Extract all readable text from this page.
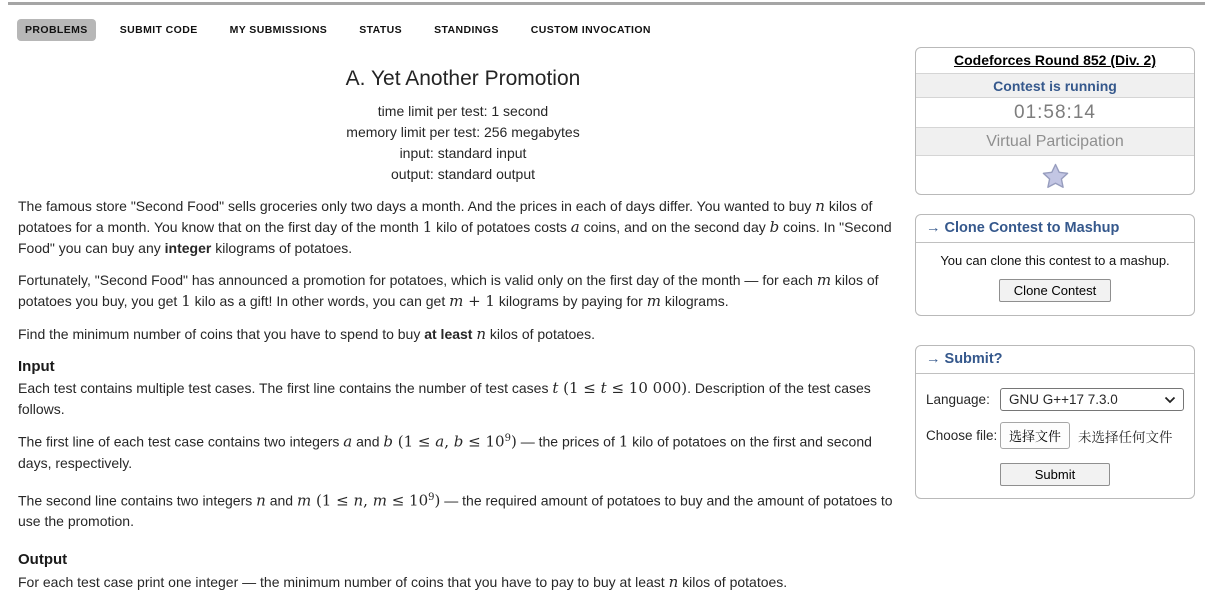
PROBLEMS	SUBMIT CODE	MY SUBMISSIONS	STATUS	STANDINGS	CUSTOM INVOCATION
A. Yet Another Promotion
time limit per test: 1 second
memory limit per test: 256 megabytes
input: standard input
output: standard output

The famous store "Second Food" sells groceries only two days a month. And the prices in each of days differ. You wanted to buy n kilos of potatoes for a month. You know that on the first day of the month 1 kilo of potatoes costs a coins, and on the second day b coins. In "Second Food" you can buy any integer kilograms of potatoes.

Fortunately, "Second Food" has announced a promotion for potatoes, which is valid only on the first day of the month — for each m kilos of potatoes you buy, you get 1 kilo as a gift! In other words, you can get m + 1 kilograms by paying for m kilograms.

Find the minimum number of coins that you have to spend to buy at least n kilos of potatoes.

Input

Each test contains multiple test cases. The first line contains the number of test cases t (1 ≤ t ≤ 10 000). Description of the test cases follows.

The first line of each test case contains two integers a and b (1 ≤ a, $b \le 10^9$) — the prices of 1 kilo of potatoes on the first and second days, respectively.

The second line contains two integers n and m (1 ≤ n, $m \le 10^9$) — the required amount of potatoes to buy and the amount of potatoes to use the promotion.

Output

For each test case print one integer — the minimum number of coins that you have to pay to buy at least n kilos of potatoes.

Codeforces Round 852 (Div. 2)
Contest is running
01:58:14
Virtual Participation
→ Clone Contest to Mashup
You can clone this contest to a mashup.
Clone Contest
→ Submit?
Language:	GNU G++17 7.3.0
Choose file: 选择文件	未选择任何文件
Submit
